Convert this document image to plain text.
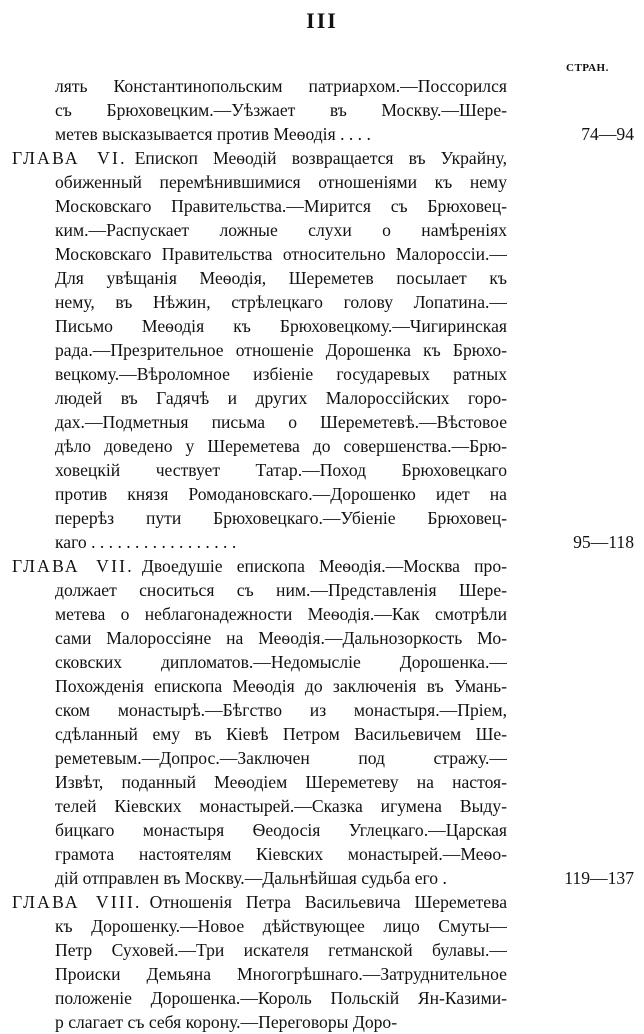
III
СТРАН.
лять Константинопольским патриархом.—Поссорился
съ Брюховецким.—Уѣзжает въ Москву.—Шере-
метев высказывается против Меѳодія . . . .	74—94
ГЛАВА VI. Епископ Меѳодій возвращается въ Украйну,
обиженный перемѣнившимися отношеніями къ нему
Московскаго Правительства.—Мирится съ Брюховец-
ким.—Распускает ложные слухи о намѣреніях
Московскаго Правительства относительно Малороссіи.—
Для увѣщанія Меѳодія, Шереметев посылает къ
нему, въ Нѣжин, стрѣлецкаго голову Лопатина.—
Письмо Меѳодія къ Брюховецкому.—Чигиринская
рада.—Презрительное отношеніе Дорошенка къ Брюхо-
вецкому.—Вѣроломное избіеніе государевых ратных
людей въ Гадячѣ и других Малороссійских горо-
дах.—Подметныя письма о Шереметевѣ.—Вѣстовое
дѣло доведено у Шереметева до совершенства.—Брю-
ховецкій чествует Татар.—Поход Брюховецкаго
против князя Ромодановскаго.—Дорошенко идет на
перерѣз пути Брюховецкаго.—Убіеніе Брюховец-
каго . . . . . . . . . . . . . . . . .	95—118
ГЛАВА VII. Двоедушіе епископа Меѳодія.—Москва про-
должает сноситься съ ним.—Представленія Шере-
метева о неблагонадежности Меѳодія.—Как смотрѣли
сами Малороссіяне на Меѳодія.—Дальнозоркость Мо-
сковских дипломатов.—Недомысліе Дорошенка.—
Похожденія епископа Меѳодія до заключенія въ Умань-
ском монастырѣ.—Бѣгство из монастыря.—Пріем,
сдѣланный ему въ Кіевѣ Петром Васильевичем Ше-
реметевым.—Допрос.—Заключен под стражу.—
Извѣт, поданный Меѳодіем Шереметеву на настоя-
телей Кіевских монастырей.—Сказка игумена Выду-
бицкаго монастыря Ѳеодосія Углецкаго.—Царская
грамота настоятелям Кіевских монастырей.—Меѳо-
дій отправлен въ Москву.—Дальнѣйшая судьба его .	119—137
ГЛАВА VIII. Отношенія Петра Васильевича Шереметева
къ Дорошенку.—Новое дѣйствующее лицо Смуты—
Петр Суховей.—Три искателя гетманской булавы.—
Происки Демьяна Многогрѣшнаго.—Затруднительное
положеніе Дорошенка.—Король Польскій Ян-Казими-
р слагает съ себя корону.—Переговоры Доро-
